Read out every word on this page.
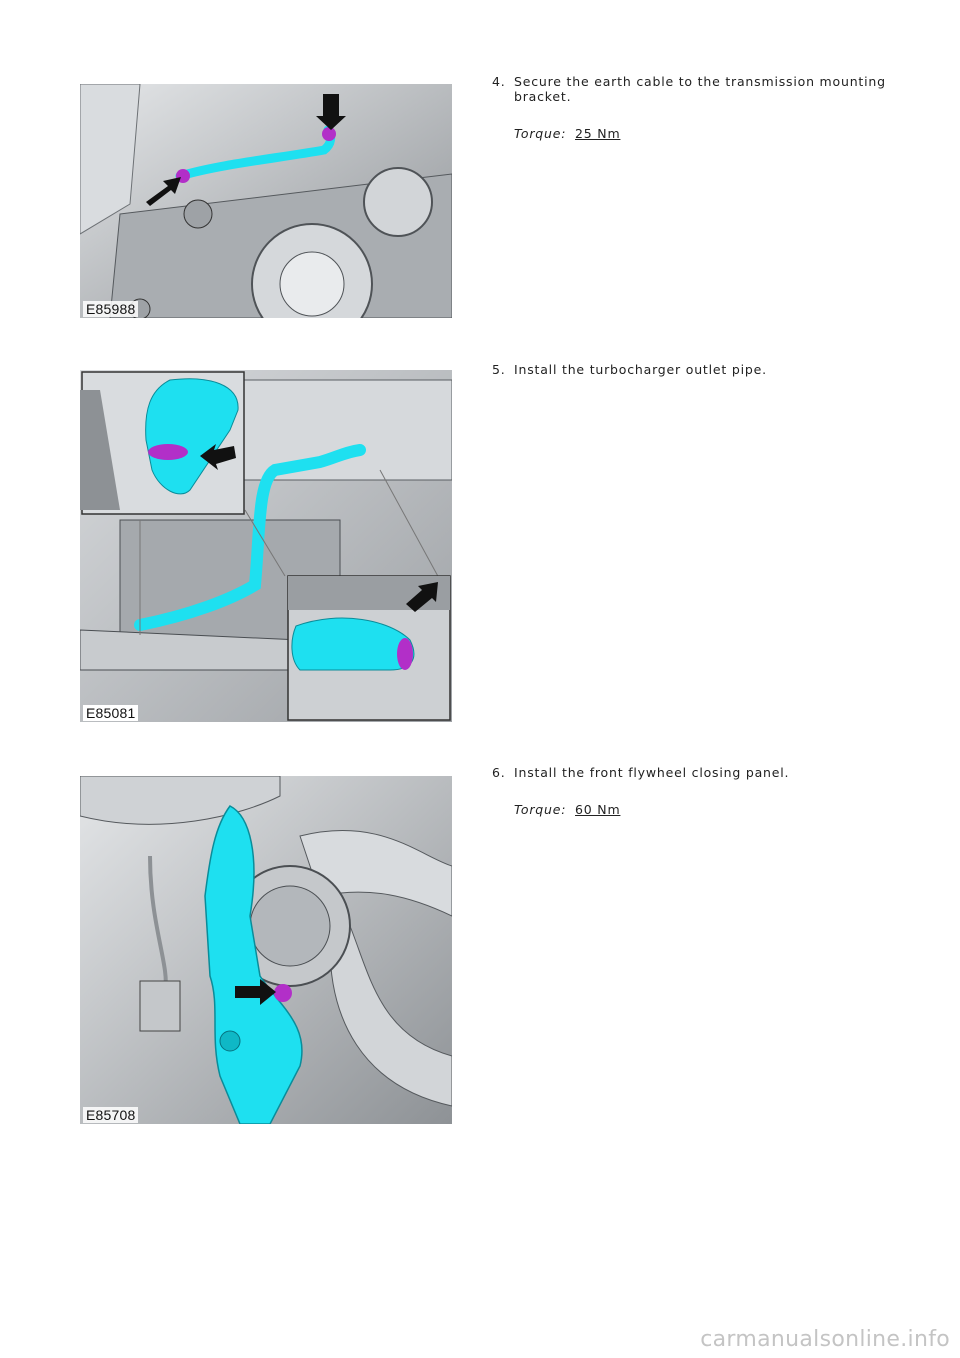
E85988
4. Secure the earth cable to the transmission mounting bracket.
Torque: 25 Nm
E85081
5. Install the turbocharger outlet pipe.
E85708
6. Install the front flywheel closing panel.
Torque: 60 Nm
carmanualsonline.info
